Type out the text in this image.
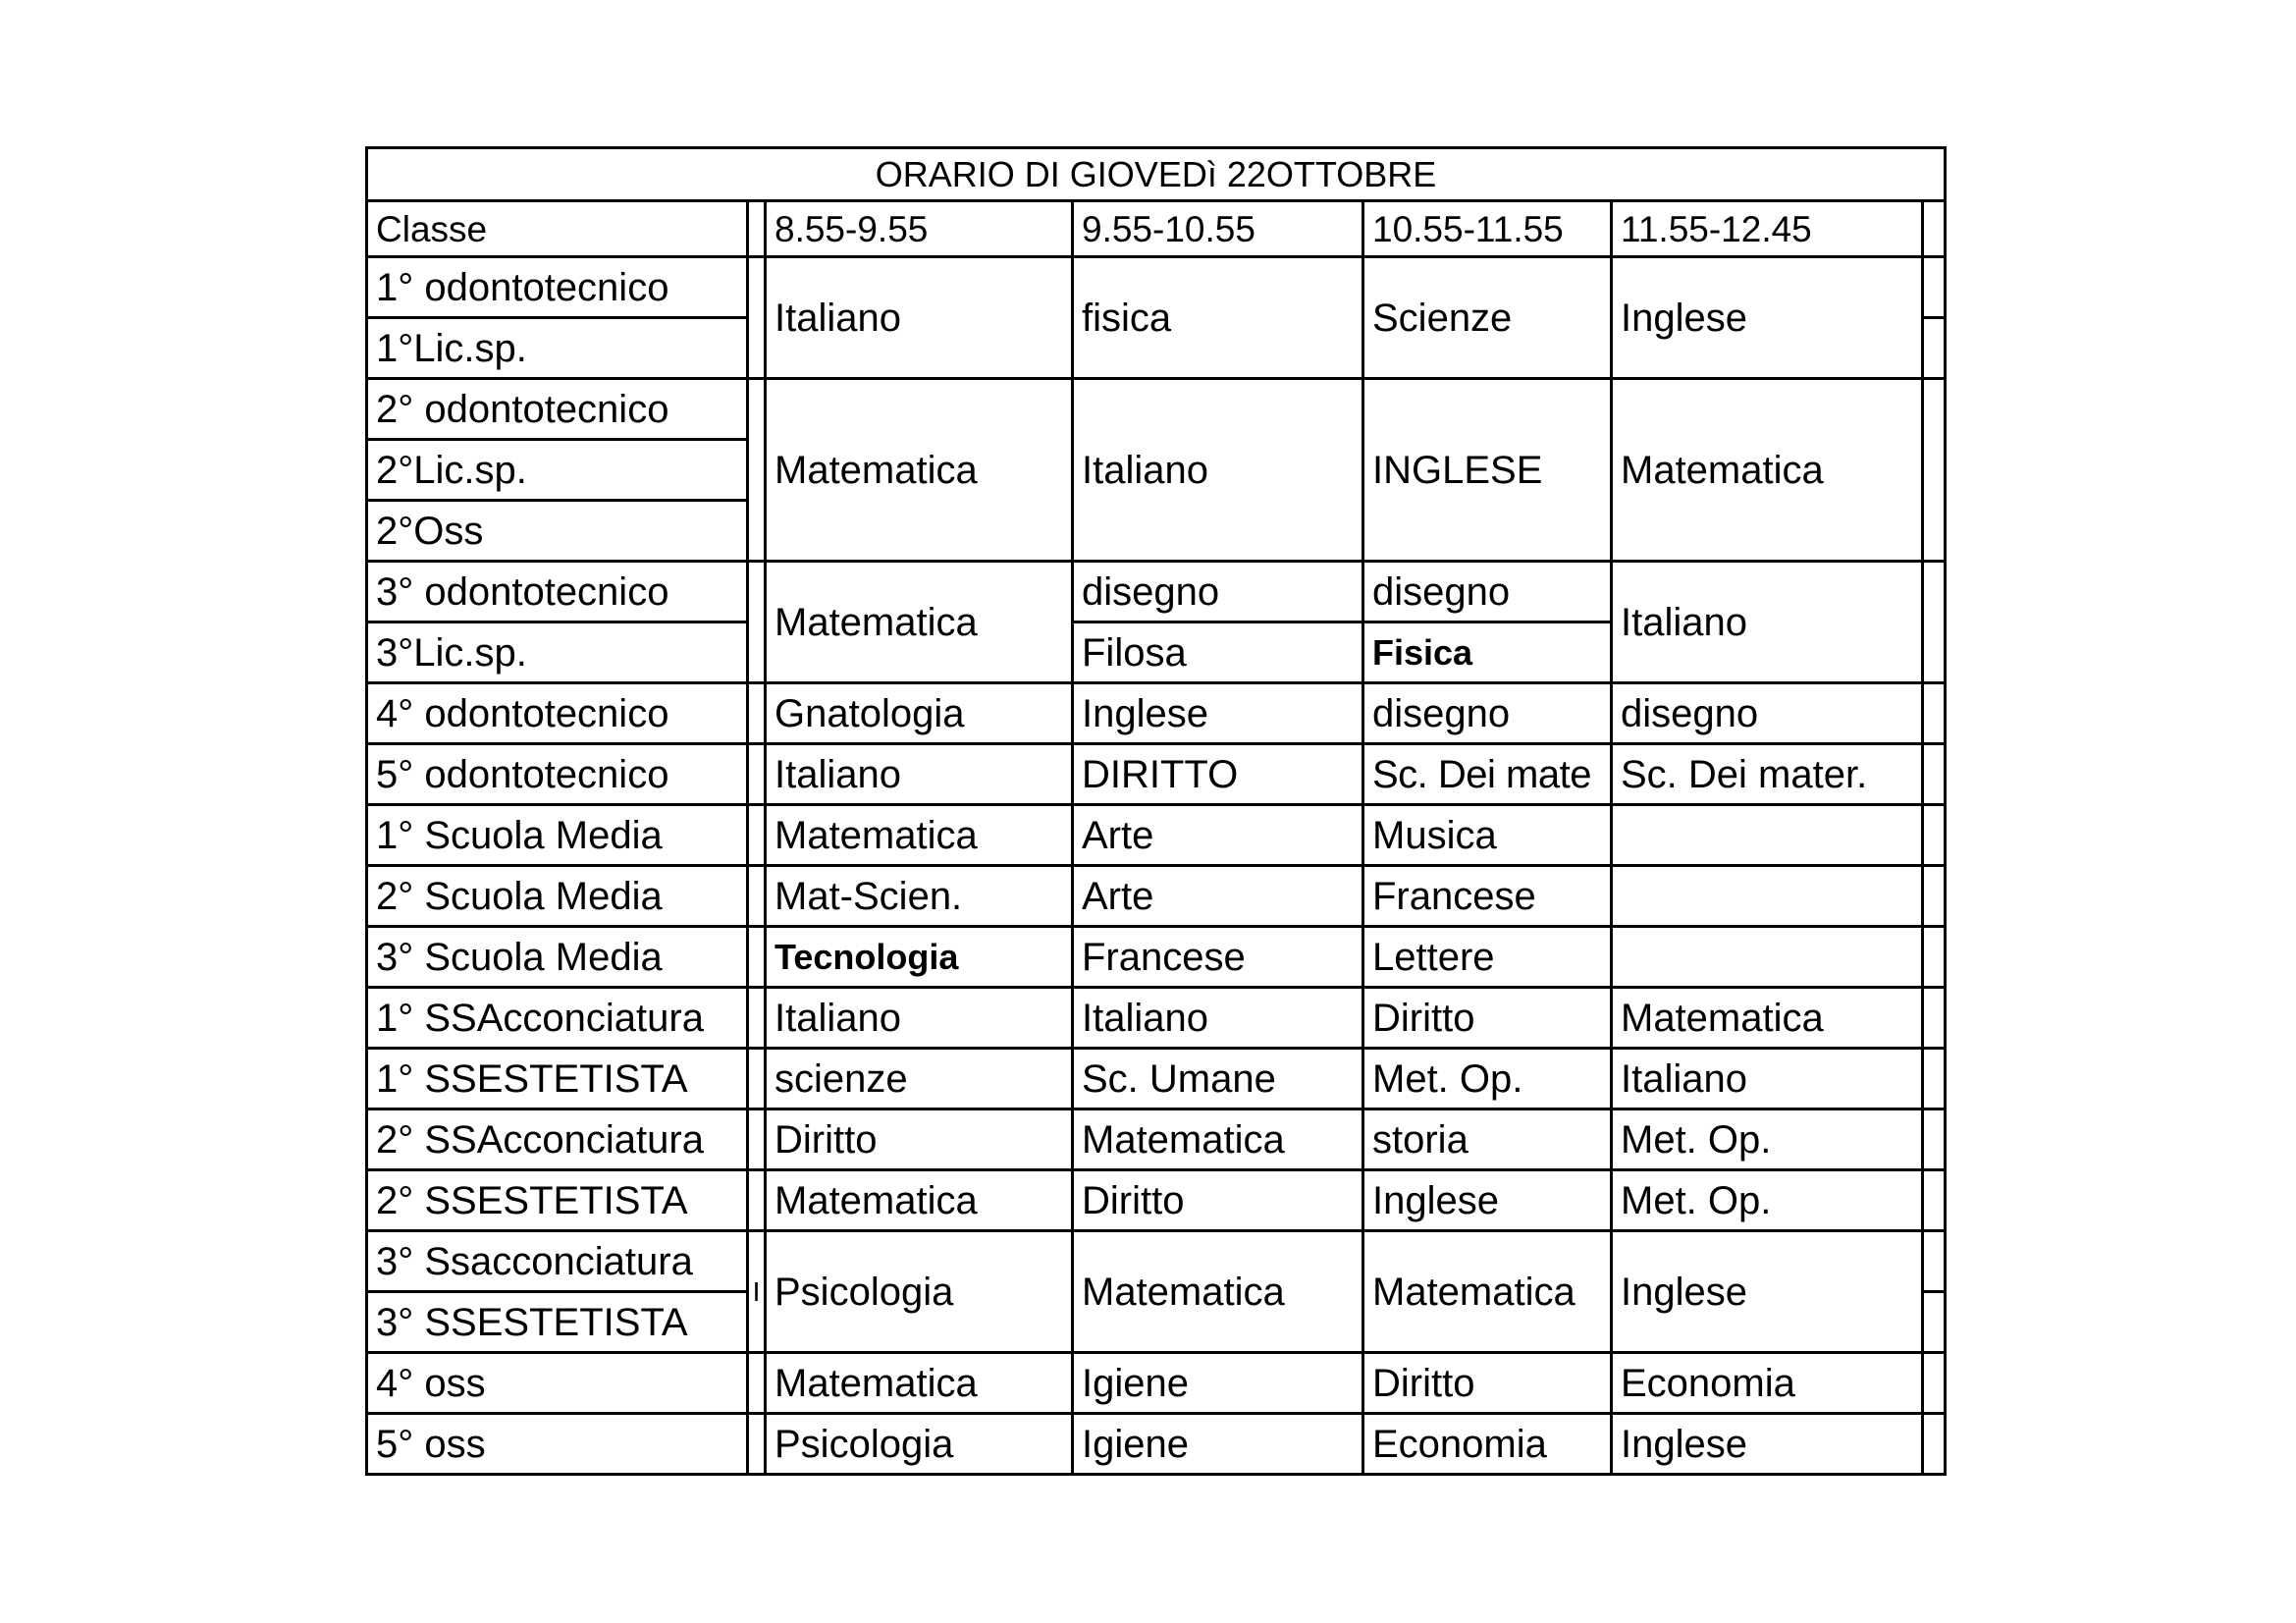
ORARIO DI GIOVEDì 22OTTOBRE						
Classe		8.55-9.55	9.55-10.55	10.55-11.55	11.55-12.45	
1° odontotecnico		Italiano	fisica	Scienze	Inglese	
1°Lic.sp.						
2° odontotecnico		Matematica	Italiano	INGLESE	Matematica	
2°Lic.sp.						
2°Oss						
3° odontotecnico		Matematica	disegno	disegno	Italiano	
3°Lic.sp.			Filosa	Fisica		
4° odontotecnico		Gnatologia	Inglese	disegno	disegno	
5° odontotecnico		Italiano	DIRITTO	Sc. Dei mate	Sc. Dei mater.	
1° Scuola Media		Matematica	Arte	Musica		
2° Scuola Media		Mat-Scien.	Arte	Francese		
3° Scuola Media		Tecnologia	Francese	Lettere		
1° SSAcconciatura		Italiano	Italiano	Diritto	Matematica	
1° SSESTETISTA		scienze	Sc. Umane	Met. Op.	Italiano	
2° SSAcconciatura		Diritto	Matematica	storia	Met. Op.	
2° SSESTETISTA		Matematica	Diritto	Inglese	Met. Op.	
3° Ssacconciatura	I	Psicologia	Matematica	Matematica	Inglese	
3° SSESTETISTA						
4° oss		Matematica	Igiene	Diritto	Economia	
5° oss		Psicologia	Igiene	Economia	Inglese	
